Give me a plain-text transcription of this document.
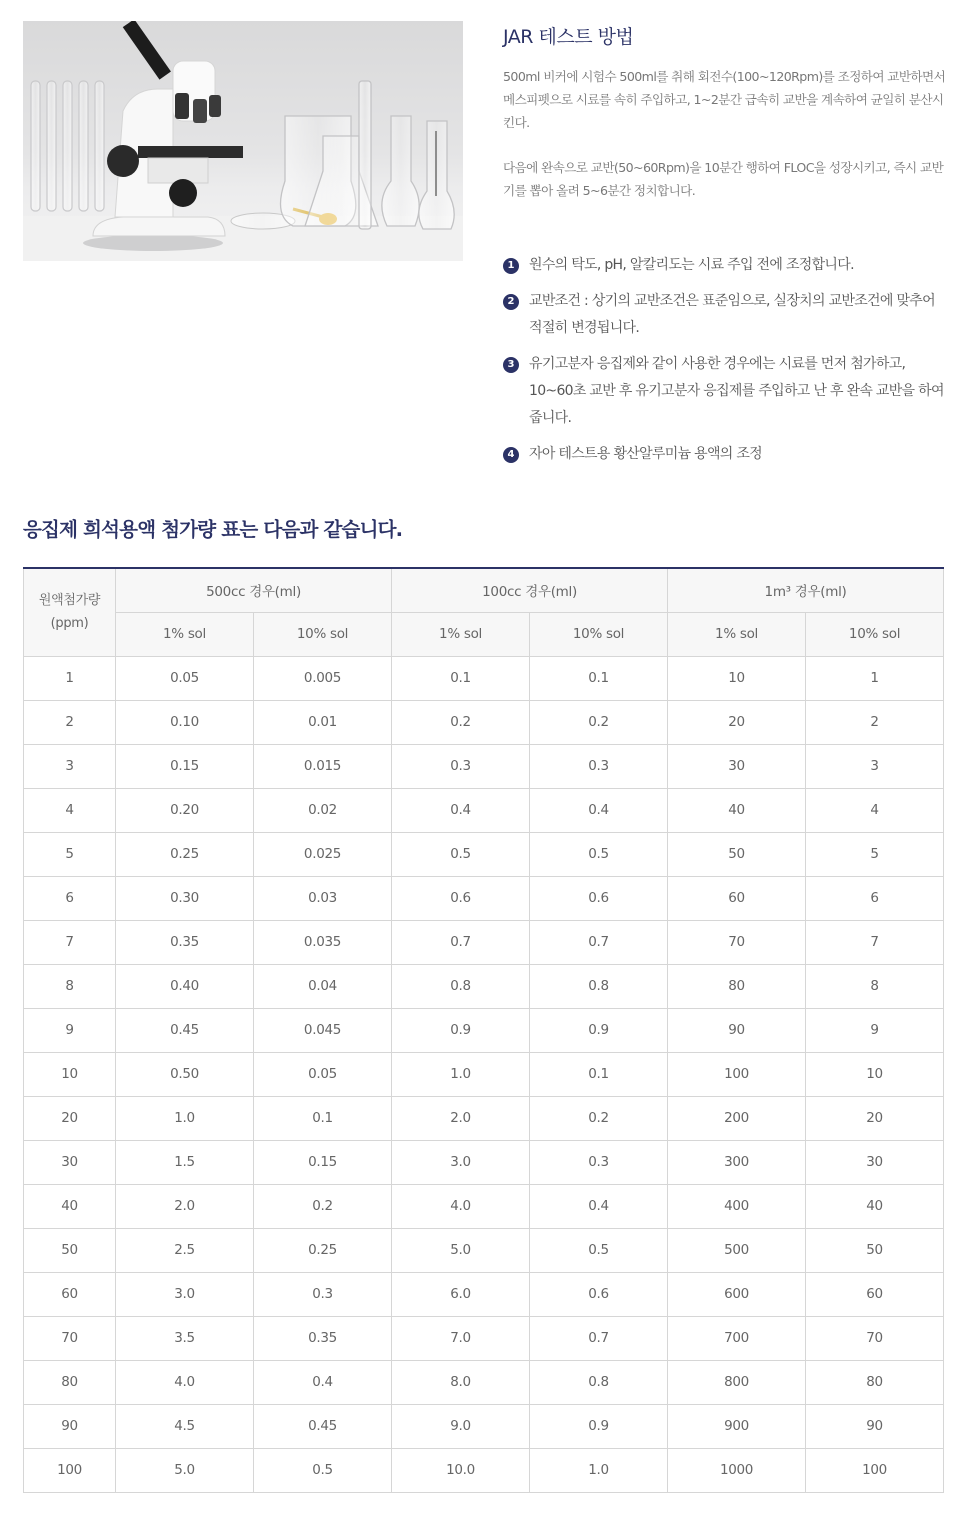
JAR 테스트 방법

500ml 비커에 시험수 500ml를 취해 회전수(100~120Rpm)를 조정하여 교반하면서 메스피펫으로 시료를 속히 주입하고, 1~2분간 급속히 교반을 계속하여 균일히 분산시킨다.

다음에 완속으로 교반(50~60Rpm)을 10분간 행하여 FLOC을 성장시키고, 즉시 교반기를 뽑아 올려 5~6분간 정치합니다.

1	원수의 탁도, pH, 알칼리도는 시료 주입 전에 조정합니다.
2	교반조건 : 상기의 교반조건은 표준임으로, 실장치의 교반조건에 맞추어 적절히 변경됩니다.
3	유기고분자 응집제와 같이 사용한 경우에는 시료를 먼저 첨가하고, 10~60초 교반 후 유기고분자 응집제를 주입하고 난 후 완속 교반을 하여 줍니다.
4	자아 테스트용 황산알루미늄 용액의 조정
응집제 희석용액 첨가량 표는 다음과 같습니다.
원액첨가량
(ppm)	500cc 경우(ml)		100cc 경우(ml)		1m³ 경우(ml)	
	1% sol	10% sol	1% sol	10% sol	1% sol	10% sol
1	0.05	0.005	0.1	0.1	10	1
2	0.10	0.01	0.2	0.2	20	2
3	0.15	0.015	0.3	0.3	30	3
4	0.20	0.02	0.4	0.4	40	4
5	0.25	0.025	0.5	0.5	50	5
6	0.30	0.03	0.6	0.6	60	6
7	0.35	0.035	0.7	0.7	70	7
8	0.40	0.04	0.8	0.8	80	8
9	0.45	0.045	0.9	0.9	90	9
10	0.50	0.05	1.0	0.1	100	10
20	1.0	0.1	2.0	0.2	200	20
30	1.5	0.15	3.0	0.3	300	30
40	2.0	0.2	4.0	0.4	400	40
50	2.5	0.25	5.0	0.5	500	50
60	3.0	0.3	6.0	0.6	600	60
70	3.5	0.35	7.0	0.7	700	70
80	4.0	0.4	8.0	0.8	800	80
90	4.5	0.45	9.0	0.9	900	90
100	5.0	0.5	10.0	1.0	1000	100
